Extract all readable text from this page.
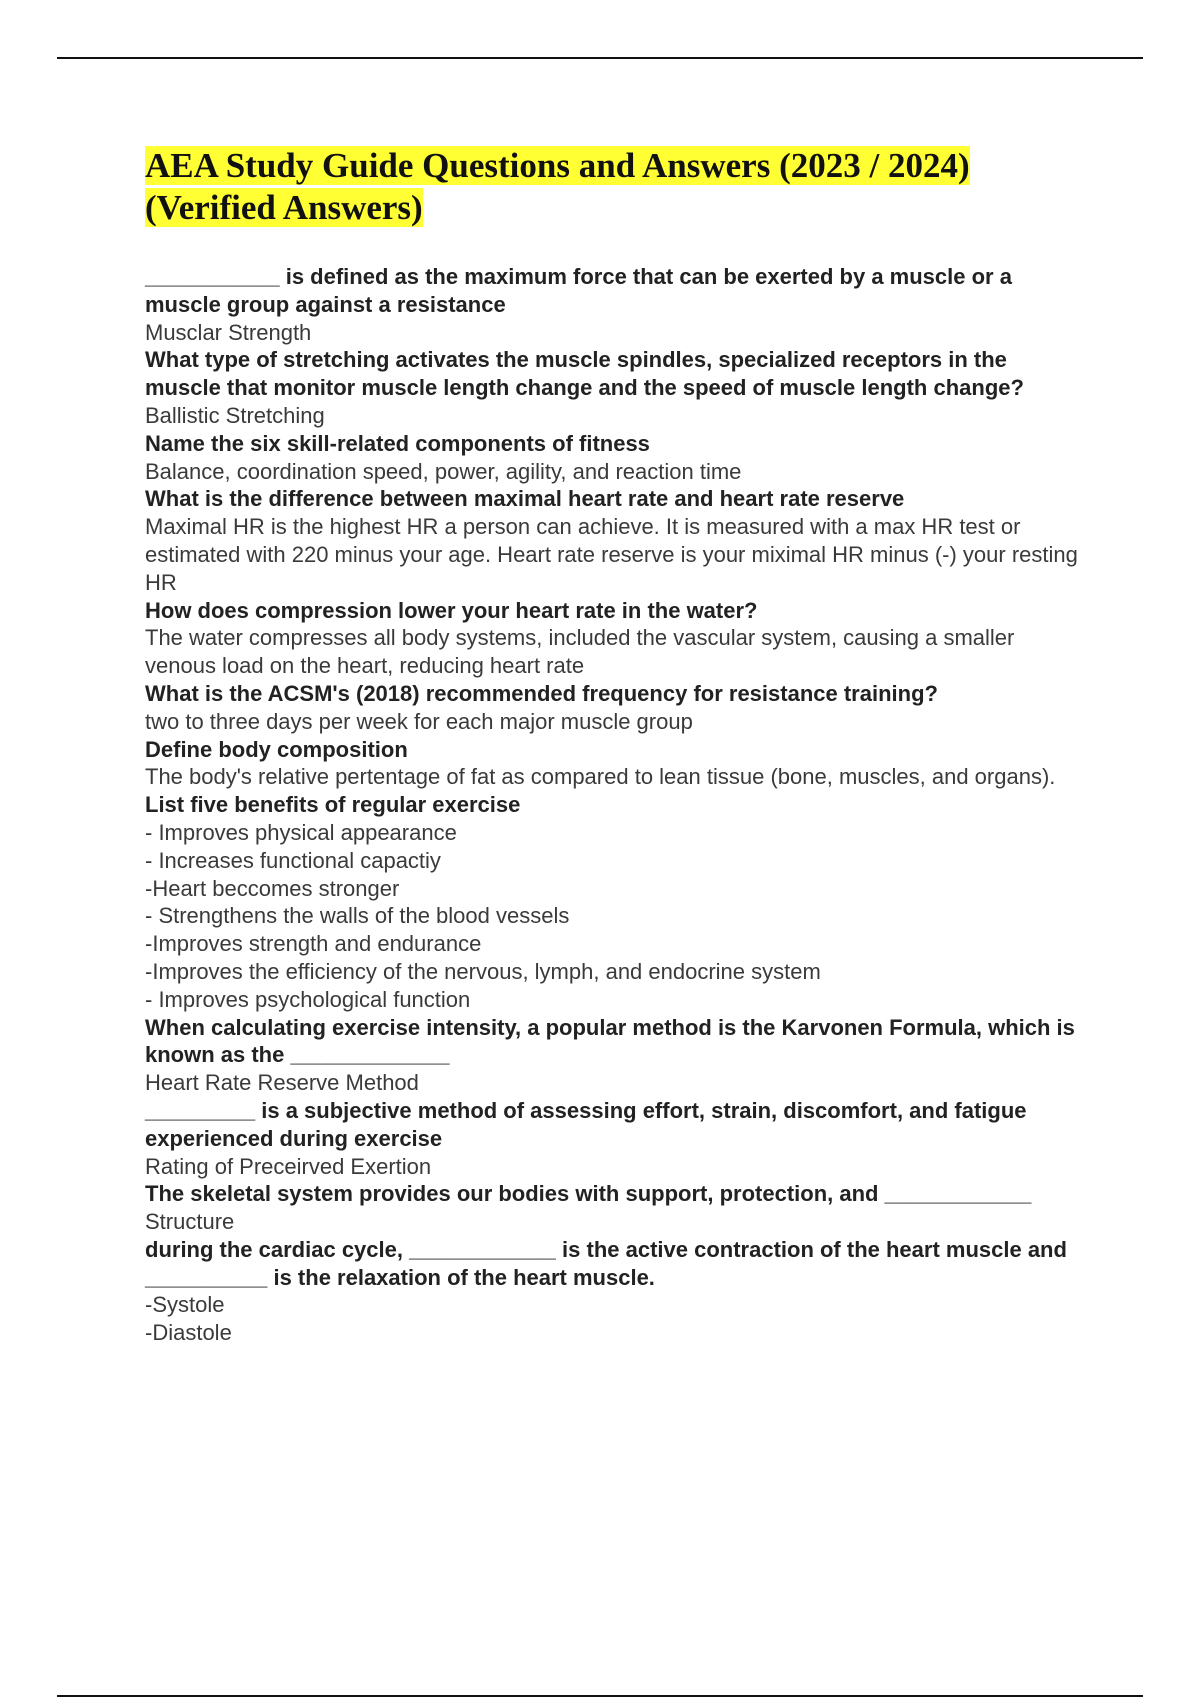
AEA Study Guide Questions and Answers (2023 / 2024)
(Verified Answers)

___________ is defined as the maximum force that can be exerted by a muscle or a muscle group against a resistance

Musclar Strength

What type of stretching activates the muscle spindles, specialized receptors in the muscle that monitor muscle length change and the speed of muscle length change?

Ballistic Stretching

Name the six skill-related components of fitness

Balance, coordination speed, power, agility, and reaction time

What is the difference between maximal heart rate and heart rate reserve

Maximal HR is the highest HR a person can achieve. It is measured with a max HR test or estimated with 220 minus your age. Heart rate reserve is your miximal HR minus (-) your resting HR

How does compression lower your heart rate in the water?

The water compresses all body systems, included the vascular system, causing a smaller venous load on the heart, reducing heart rate

What is the ACSM's (2018) recommended frequency for resistance training?

two to three days per week for each major muscle group

Define body composition

The body's relative pertentage of fat as compared to lean tissue (bone, muscles, and organs).

List five benefits of regular exercise

- Improves physical appearance
- Increases functional capactiy
-Heart beccomes stronger
- Strengthens the walls of the blood vessels
-Improves strength and endurance
-Improves the efficiency of the nervous, lymph, and endocrine system
- Improves psychological function

When calculating exercise intensity, a popular method is the Karvonen Formula, which is known as the _____________

Heart Rate Reserve Method

_________ is a subjective method of assessing effort, strain, discomfort, and fatigue experienced during exercise

Rating of Preceirved Exertion

The skeletal system provides our bodies with support, protection, and ____________

Structure

during the cardiac cycle, ____________ is the active contraction of the heart muscle and __________ is the relaxation of the heart muscle.

-Systole
-Diastole
